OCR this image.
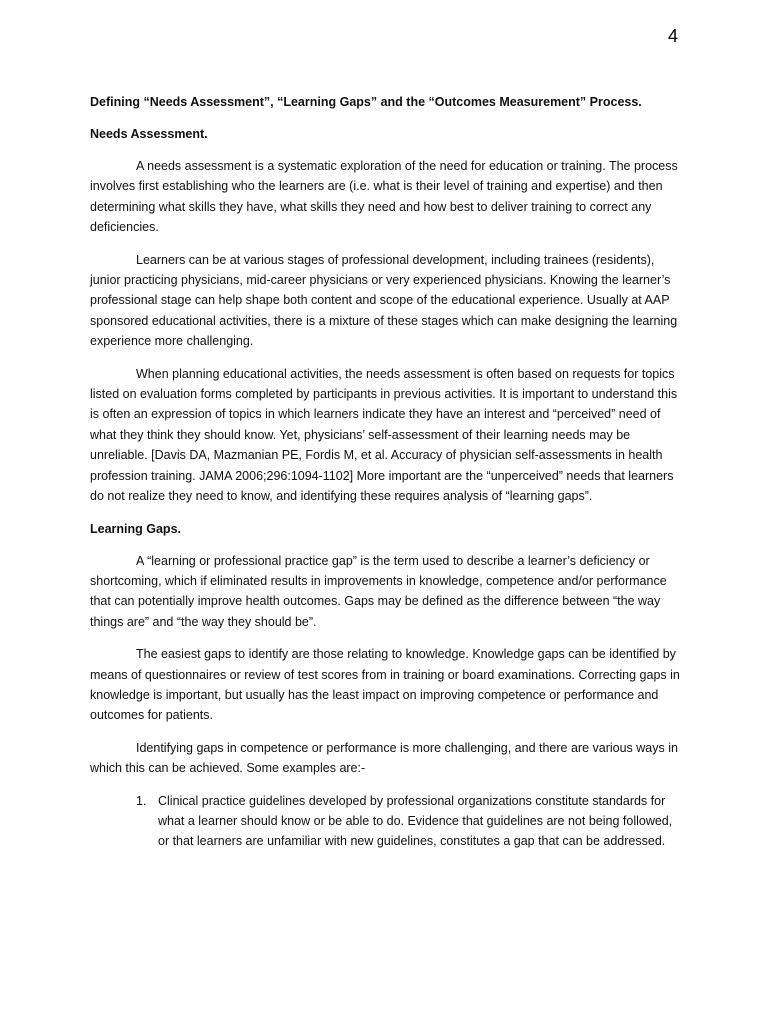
4
Defining “Needs Assessment”, “Learning Gaps” and the “Outcomes Measurement” Process.
Needs Assessment.

A needs assessment is a systematic exploration of the need for education or training. The process involves first establishing who the learners are (i.e. what is their level of training and expertise) and then determining what skills they have, what skills they need and how best to deliver training to correct any deficiencies.

Learners can be at various stages of professional development, including trainees (residents), junior practicing physicians, mid-career physicians or very experienced physicians. Knowing the learner’s professional stage can help shape both content and scope of the educational experience. Usually at AAP sponsored educational activities, there is a mixture of these stages which can make designing the learning experience more challenging.

When planning educational activities, the needs assessment is often based on requests for topics listed on evaluation forms completed by participants in previous activities. It is important to understand this is often an expression of topics in which learners indicate they have an interest and “perceived” need of what they think they should know. Yet, physicians’ self-assessment of their learning needs may be unreliable. [Davis DA, Mazmanian PE, Fordis M, et al. Accuracy of physician self-assessments in health profession training. JAMA 2006;296:1094-1102] More important are the “unperceived” needs that learners do not realize they need to know, and identifying these requires analysis of “learning gaps”.

Learning Gaps.

A “learning or professional practice gap” is the term used to describe a learner’s deficiency or shortcoming, which if eliminated results in improvements in knowledge, competence and/or performance that can potentially improve health outcomes. Gaps may be defined as the difference between “the way things are” and “the way they should be”.

The easiest gaps to identify are those relating to knowledge. Knowledge gaps can be identified by means of questionnaires or review of test scores from in training or board examinations. Correcting gaps in knowledge is important, but usually has the least impact on improving competence or performance and outcomes for patients.

Identifying gaps in competence or performance is more challenging, and there are various ways in which this can be achieved. Some examples are:-

1. Clinical practice guidelines developed by professional organizations constitute standards for what a learner should know or be able to do. Evidence that guidelines are not being followed, or that learners are unfamiliar with new guidelines, constitutes a gap that can be addressed.
